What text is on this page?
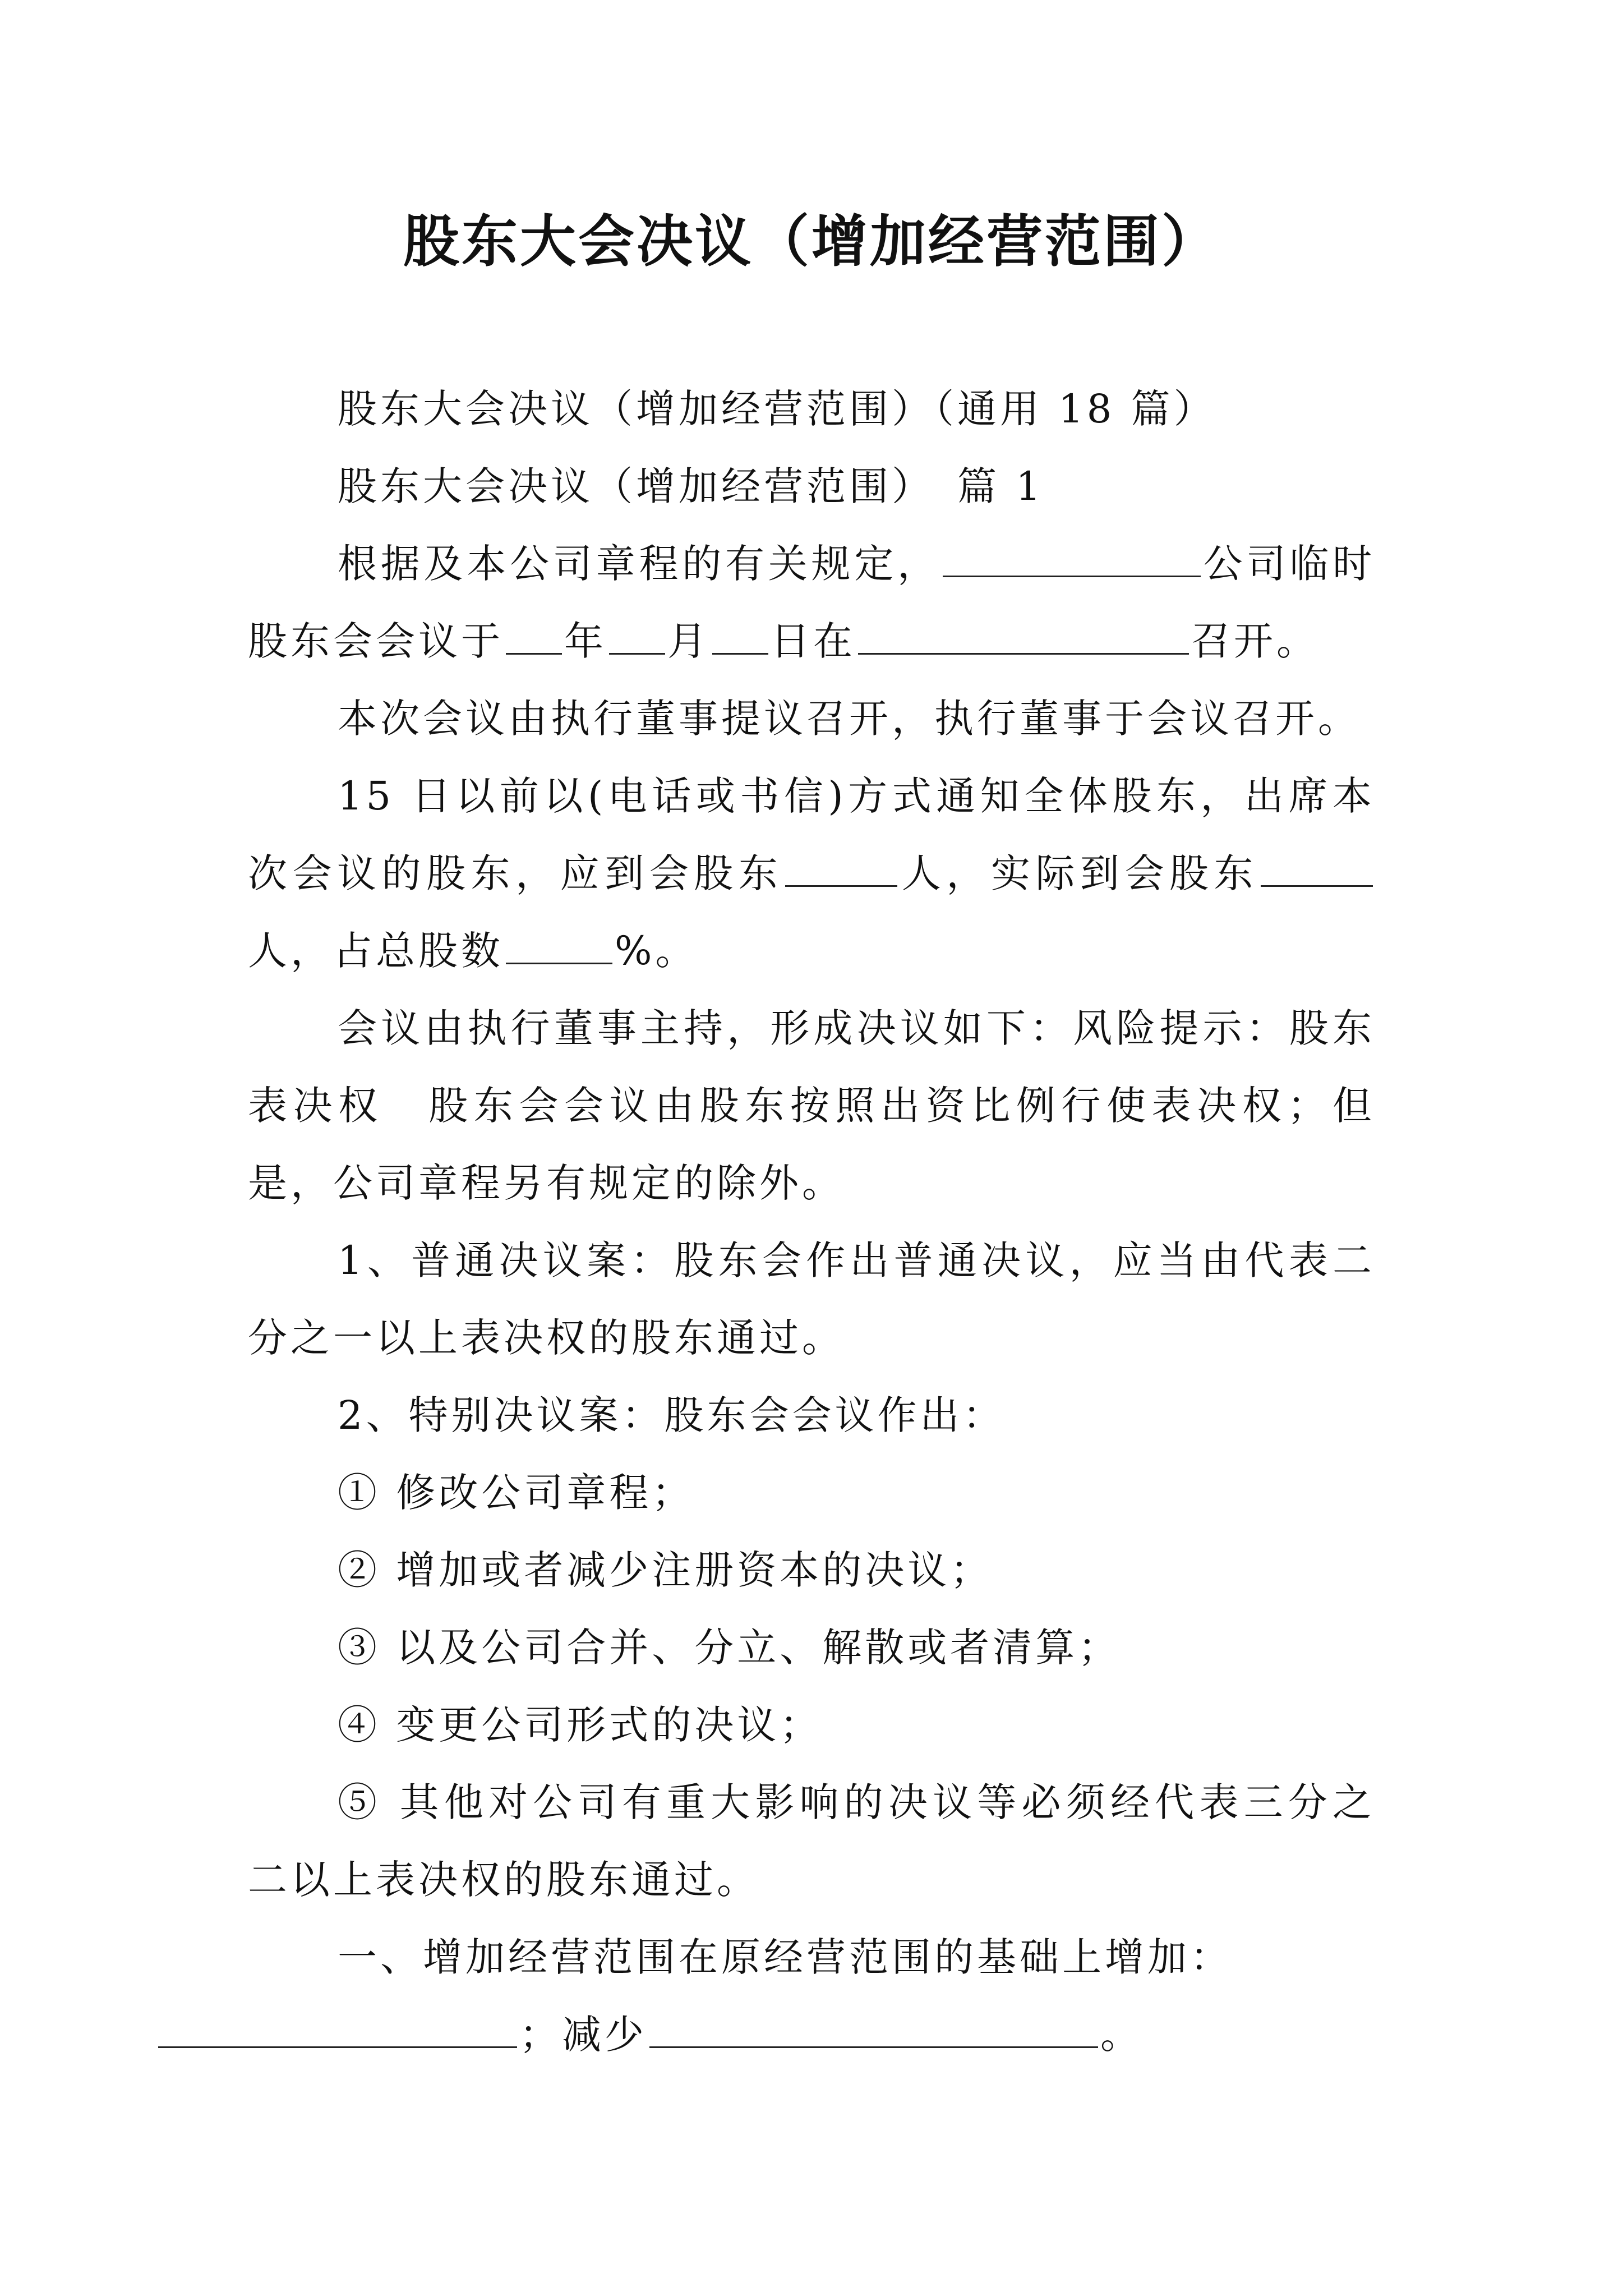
股东大会决议（增加经营范围）

股东大会决议（增加经营范围）（通用 18 篇）

股东大会决议（增加经营范围）　篇 1

根据及本公司章程的有关规定，	公司临时股东会会议于 年 月 日在	召开。

本次会议由执行董事提议召开，执行董事于会议召开。

15 日以前以(电话或书信)方式通知全体股东，出席本次会议的股东，应到会股东	人，实际到会股东人，占总股数	%。

会议由执行董事主持，形成决议如下：风险提示：股东表决权　股东会会议由股东按照出资比例行使表决权；但是，公司章程另有规定的除外。

1、普通决议案：股东会作出普通决议，应当由代表二分之一以上表决权的股东通过。

2、特别决议案：股东会会议作出：

① 修改公司章程；

② 增加或者减少注册资本的决议；

③ 以及公司合并、分立、解散或者清算；

④ 变更公司形式的决议；

⑤ 其他对公司有重大影响的决议等必须经代表三分之二以上表决权的股东通过。

一、增加经营范围在原经营范围的基础上增加：
；减少	。
